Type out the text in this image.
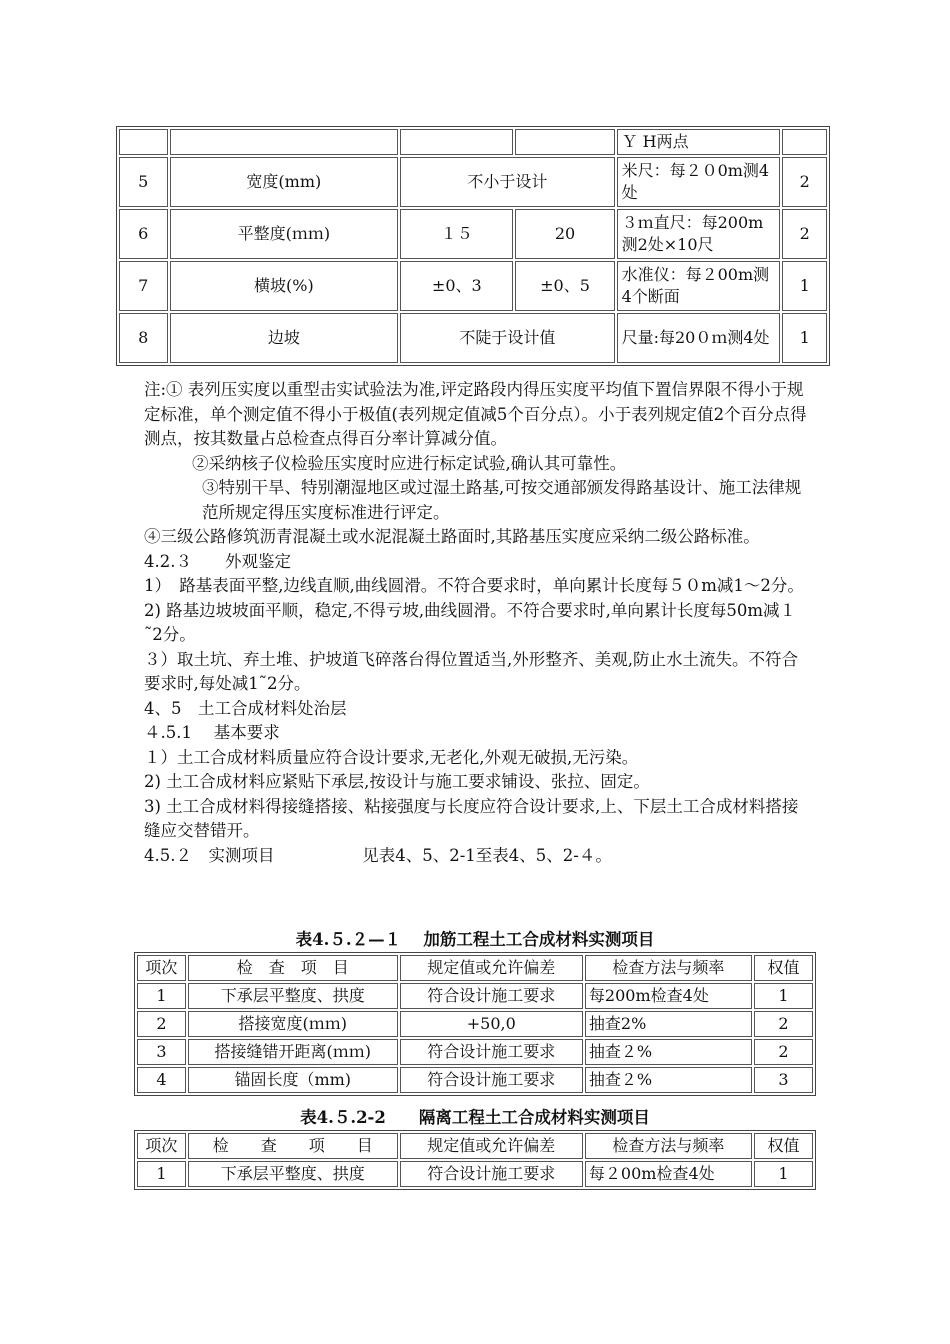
				Ｙ H两点	
5	宽度(mm)	不小于设计		米尺：每２０0m测4处	2
6	平整度(ｍｍ)	１５	20	３ｍ直尺：每200m测2处×10尺	2
7	横坡(%)	±0、3	±0、5	水准仪：每２00m测4个断面	1
8	边坡	不陡于设计值		尺量:每20０ｍ测4处	1

注:① 表列压实度以重型击实试验法为准,评定路段内得压实度平均值下置信界限不得小于规定标准，单个测定值不得小于极值(表列规定值减5个百分点）。小于表列规定值2个百分点得测点，按其数量占总检查点得百分率计算减分值。

②采纳核子仪检验压实度时应进行标定试验,确认其可靠性。

③特别干旱、特别潮湿地区或过湿土路基,可按交通部颁发得路基设计、施工法律规范所规定得压实度标准进行评定。

④三级公路修筑沥青混凝土或水泥混凝土路面时,其路基压实度应采纳二级公路标准。

4.2.３　　外观鉴定

1）　路基表面平整,边线直顺,曲线圆滑。不符合要求时，单向累计长度每５０m减1～2分。

2) 路基边坡坡面平顺，稳定,不得亏坡,曲线圆滑。不符合要求时,单向累计长度每50m减１˜2分。

３）取土坑、弃土堆、护坡道飞碎落台得位置适当,外形整齐、美观,防止水土流失。不符合要求时,每处减1˜2分。

4、5　土工合成材料处治层

４.5.1　 基本要求

１）土工合成材料质量应符合设计要求,无老化,外观无破损,无污染。

2) 土工合成材料应紧贴下承层,按设计与施工要求铺设、张拉、固定。

3) 土工合成材料得接缝搭接、粘接强度与长度应符合设计要求,上、下层土工合成材料搭接缝应交替错开。

4.5.２　实测项目　　　　　 见表4、5、2-1至表4、5、2-４。

表4.５.２—１　 加筋工程土工合成材料实测项目
项次	检　查　项　目	规定值或允许偏差	检查方法与频率	权值
1	下承层平整度、拱度	符合设计施工要求	每200m检查4处	1
2	搭接宽度(ｍｍ)	+50,0	抽查2%	2
3	搭接缝错开距离(ｍｍ)	符合设计施工要求	抽查２%	2
4	锚固长度（mm)	符合设计施工要求	抽查２%	3
表4.５.2-2　　隔离工程土工合成材料实测项目
项次	检　　查　　项　　目	规定值或允许偏差	检查方法与频率	权值
1	下承层平整度、拱度	符合设计施工要求	每２00m检查4处	1
